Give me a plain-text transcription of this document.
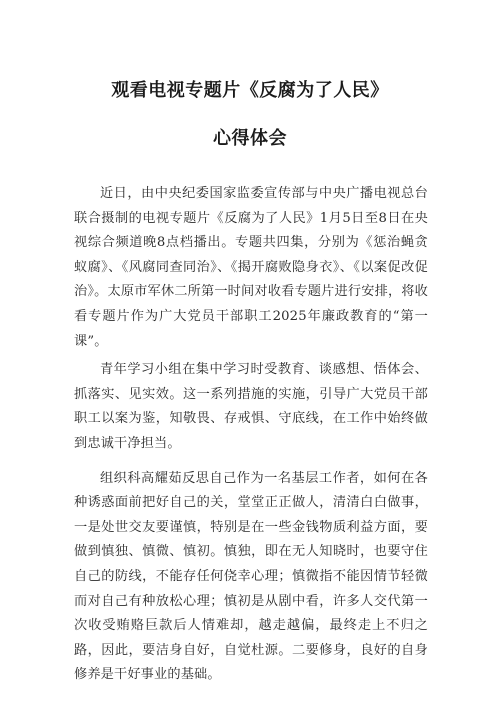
观看电视专题片《反腐为了人民》
心得体会

近日，由中央纪委国家监委宣传部与中央广播电视总台联合摄制的电视专题片《反腐为了人民》1月5日至8日在央视综合频道晚8点档播出。专题共四集，分别为《惩治蝇贪蚁腐》、《风腐同查同治》、《揭开腐败隐身衣》、《以案促改促治》。太原市军休二所第一时间对收看专题片进行安排，将收看专题片作为广大党员干部职工2025年廉政教育的“第一课”。

青年学习小组在集中学习时受教育、谈感想、悟体会、抓落实、见实效。这一系列措施的实施，引导广大党员干部职工以案为鉴，知敬畏、存戒惧、守底线，在工作中始终做到忠诚干净担当。

组织科高耀茹反思自己作为一名基层工作者，如何在各种诱惑面前把好自己的关，堂堂正正做人，清清白白做事，一是处世交友要谨慎，特别是在一些金钱物质利益方面，要做到慎独、慎微、慎初。慎独，即在无人知晓时，也要守住自己的防线，不能存任何侥幸心理；慎微指不能因情节轻微而对自己有种放松心理；慎初是从剧中看，许多人交代第一次收受贿赂巨款后人情难却，越走越偏，最终走上不归之路，因此，要洁身自好，自觉杜源。二要修身，良好的自身修养是干好事业的基础。
